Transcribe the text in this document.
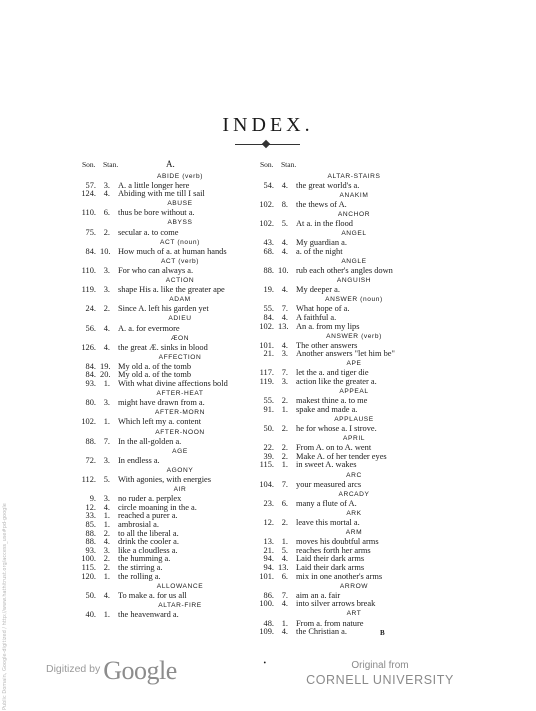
Public Domain, Google-digitized / http://www.hathitrust.org/access_use#pd-google
INDEX.
Son. Stan.	A.
ABIDE (verb)
57. 3. A. a little longer here
124. 4. Abiding with me till I sail
ABUSE
110. 6. thus be bore without a.
ABYSS
75. 2. secular a. to come
ACT (noun)
84. 10. How much of a. at human hands
ACT (verb)
110. 3. For who can always a.
ACTION
119. 3. shape His a. like the greater ape
ADAM
24. 2. Since A. left his garden yet
ADIEU
56. 4. A. a. for evermore
ÆON
126. 4. the great Æ. sinks in blood
AFFECTION
84. 19. My old a. of the tomb
84. 20. My old a. of the tomb
93. 1. With what divine affections bold
AFTER-HEAT
80. 3. might have drawn from a.
AFTER-MORN
102. 1. Which left my a. content
AFTER-NOON
88. 7. In the all-golden a.
AGE
72. 3. In endless a.
AGONY
112. 5. With agonies, with energies
AIR
9. 3. no ruder a. perplex
12. 4. circle moaning in the a.
33. 1. reached a purer a.
85. 1. ambrosial a.
88. 2. to all the liberal a.
88. 4. drink the cooler a.
93. 3. like a cloudless a.
100. 2. the humming a.
115. 2. the stirring a.
120. 1. the rolling a.
ALLOWANCE
50. 4. To make a. for us all
ALTAR-FIRE
40. 1. the heavenward a.
Son. Stan.
ALTAR-STAIRS
54. 4. the great world's a.
ANAKIM
102. 8. the thews of A.
ANCHOR
102. 5. At a. in the flood
ANGEL
43. 4. My guardian a.
68. 4. a. of the night
ANGLE
88. 10. rub each other's angles down
ANGUISH
19. 4. My deeper a.
ANSWER (noun)
55. 7. What hope of a.
84. 4. A faithful a.
102. 13. An a. from my lips
ANSWER (verb)
101. 4. The other answers
21. 3. Another answers "let him be"
APE
117. 7. let the a. and tiger die
119. 3. action like the greater a.
APPEAL
55. 2. makest thine a. to me
91. 1. spake and made a.
APPLAUSE
50. 2. he for whose a. I strove.
APRIL
22. 2. From A. on to A. went
39. 2. Make A. of her tender eyes
115. 1. in sweet A. wakes
ARC
104. 7. your measured arcs
ARCADY
23. 6. many a flute of A.
ARK
12. 2. leave this mortal a.
ARM
13. 1. moves his doubtful arms
21. 5. reaches forth her arms
94. 4. Laid their dark arms
94. 13. Laid their dark arms
101. 6. mix in one another's arms
ARROW
86. 7. aim an a. fair
100. 4. into silver arrows break
ART
48. 1. From a. from nature
109. 4. the Christian a.	B
•
$^{Digitized by}$ Google	Original from
CORNELL UNIVERSITY
